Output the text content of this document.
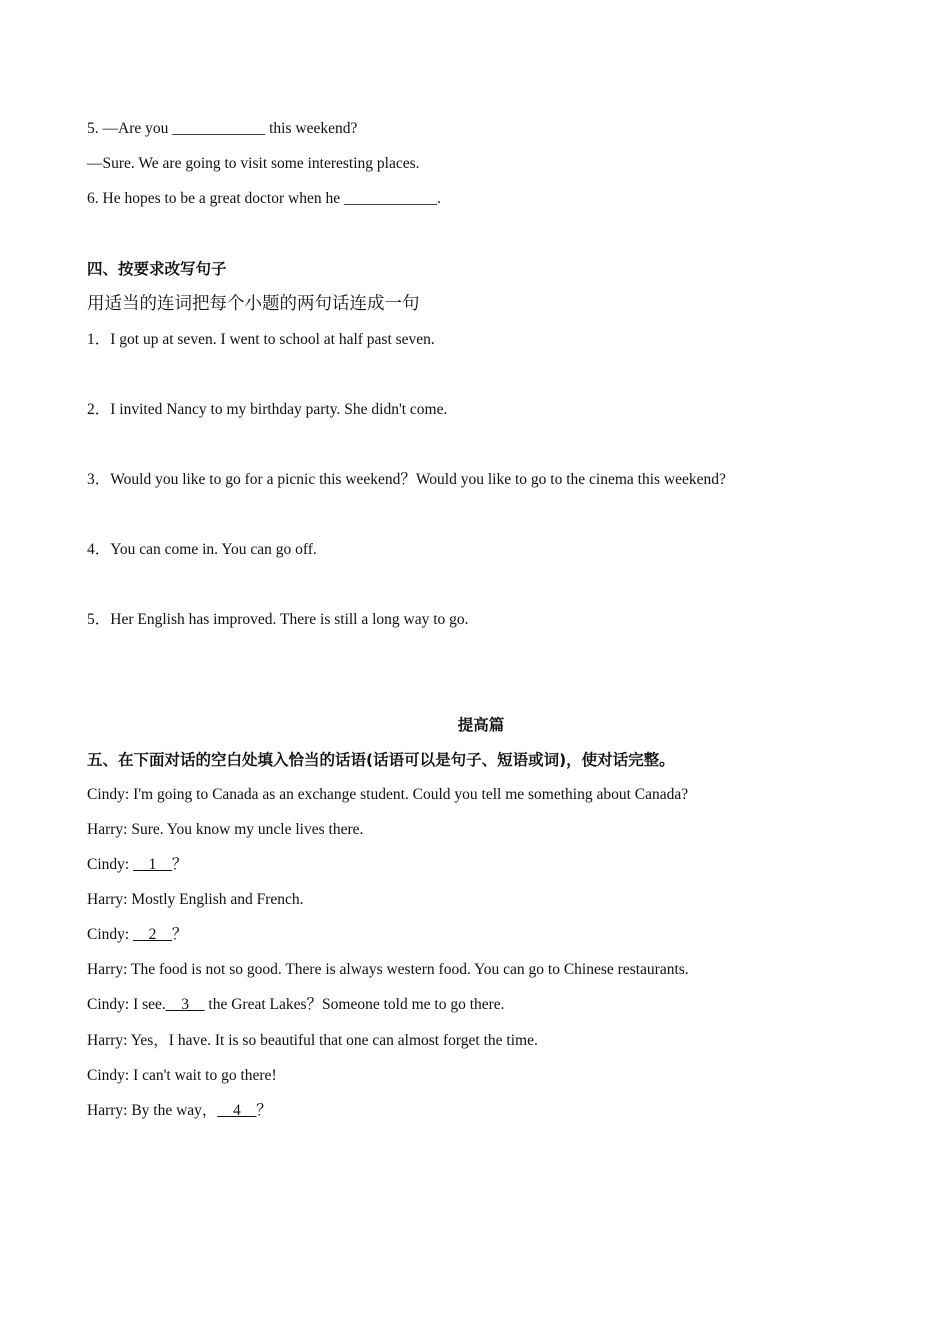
5. —Are you ____________ this weekend?
—Sure. We are going to visit some interesting places.
6. He hopes to be a great doctor when he ____________.
四、按要求改写句子
用适当的连词把每个小题的两句话连成一句
1．I got up at seven. I went to school at half past seven.
2．I invited Nancy to my birthday party. She didn't come.
3．Would you like to go for a picnic this weekend？Would you like to go to the cinema this weekend?
4．You can come in. You can go off.
5．Her English has improved. There is still a long way to go.
提高篇
五、在下面对话的空白处填入恰当的话语(话语可以是句子、短语或词)，使对话完整。
Cindy: I'm going to Canada as an exchange student. Could you tell me something about Canada?
Harry: Sure. You know my uncle lives there.
Cindy: __1__？
Harry: Mostly English and French.
Cindy: __2__？
Harry: The food is not so good. There is always western food. You can go to Chinese restaurants.
Cindy: I see.__3__ the Great Lakes？Someone told me to go there.
Harry: Yes，I have. It is so beautiful that one can almost forget the time.
Cindy: I can't wait to go there!
Harry: By the way，__4__？
